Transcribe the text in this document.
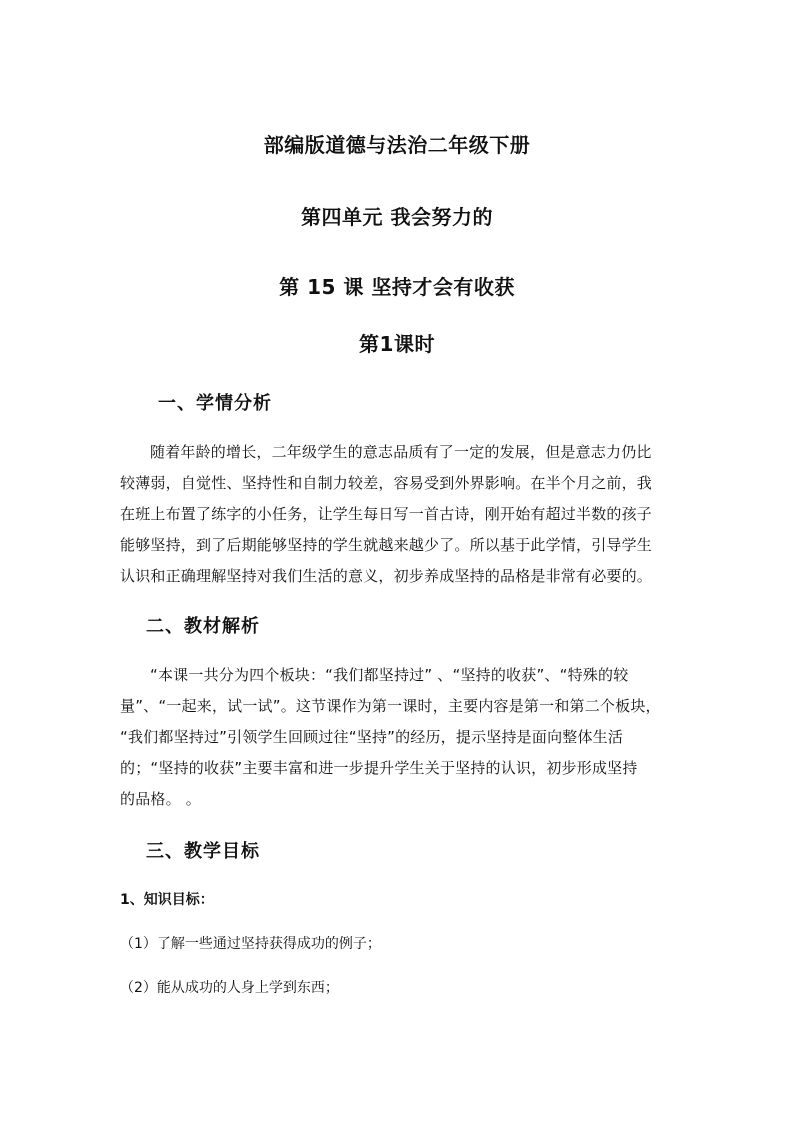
部编版道德与法治二年级下册
第四单元 我会努力的
第 15 课 坚持才会有收获
第1课时
一、学情分析
随着年龄的增长，二年级学生的意志品质有了一定的发展，但是意志力仍比
较薄弱，自觉性、坚持性和自制力较差，容易受到外界影响。在半个月之前，我
在班上布置了练字的小任务，让学生每日写一首古诗，刚开始有超过半数的孩子
能够坚持，到了后期能够坚持的学生就越来越少了。所以基于此学情，引导学生
认识和正确理解坚持对我们生活的意义，初步养成坚持的品格是非常有必要的。
二、教材解析
“本课一共分为四个板块：“我们都坚持过” 、“坚持的收获”、“特殊的较
量”、“一起来，试一试”。这节课作为第一课时，主要内容是第一和第二个板块，
“我们都坚持过”引领学生回顾过往“坚持”的经历，提示坚持是面向整体生活
的；“坚持的收获”主要丰富和进一步提升学生关于坚持的认识，初步形成坚持
的品格。 。
三、教学目标
1、知识目标：
（1）了解一些通过坚持获得成功的例子；
（2）能从成功的人身上学到东西；
